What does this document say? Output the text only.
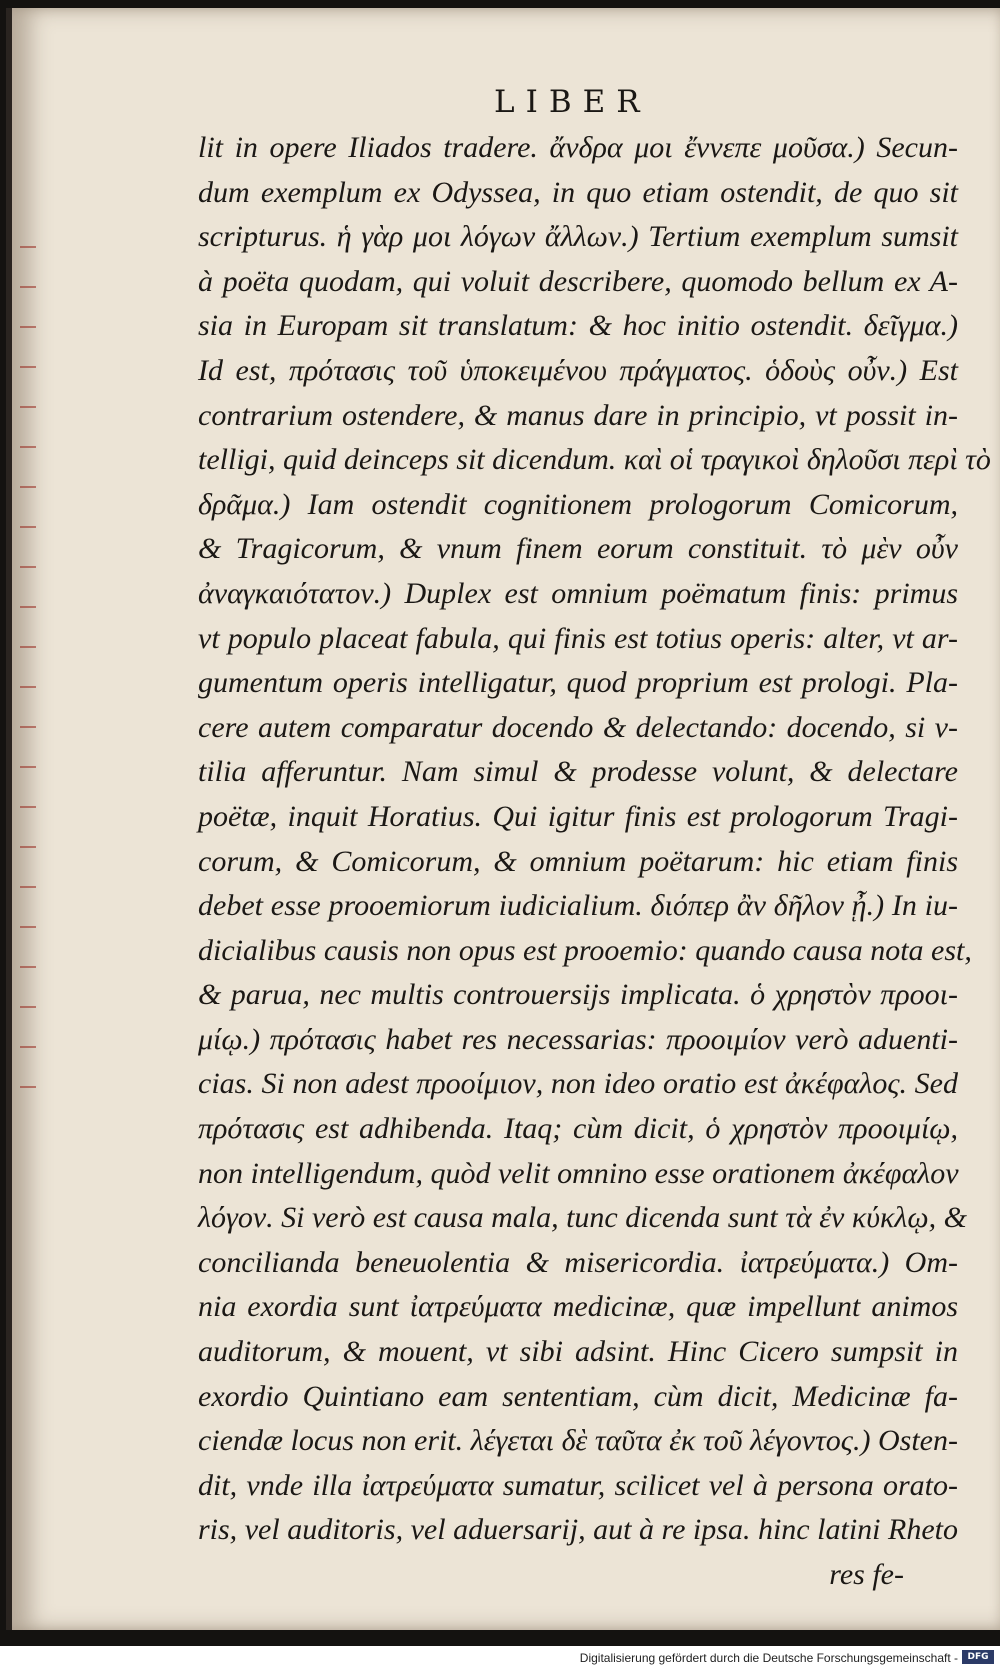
LIBER
lit in opere Iliados tradere. ἄνδρα μοι ἔννεπε μοῦσα.) Secun-
dum exemplum ex Odyssea, in quo etiam ostendit, de quo sit
scripturus. ἡ γὰρ μοι λόγων ἄλλων.) Tertium exemplum sumsit
à poëta quodam, qui voluit describere, quomodo bellum ex A-
sia in Europam sit translatum: & hoc initio ostendit. δεῖγμα.)
Id est, πρότασις τοῦ ὑποκειμένου πράγματος. ὁδοὺς οὖν.) Est
contrarium ostendere, & manus dare in principio, vt possit in-
telligi, quid deinceps sit dicendum. καὶ οἱ τραγικοὶ δηλοῦσι περὶ τὸ
δρᾶμα.) Iam ostendit cognitionem prologorum Comicorum,
& Tragicorum, & vnum finem eorum constituit. τὸ μὲν οὖν
ἀναγκαιότατον.) Duplex est omnium poëmatum finis: primus
vt populo placeat fabula, qui finis est totius operis: alter, vt ar-
gumentum operis intelligatur, quod proprium est prologi. Pla-
cere autem comparatur docendo & delectando: docendo, si v-
tilia afferuntur. Nam simul & prodesse volunt, & delectare
poëtæ, inquit Horatius. Qui igitur finis est prologorum Tragi-
corum, & Comicorum, & omnium poëtarum: hic etiam finis
debet esse prooemiorum iudicialium. διόπερ ἂν δῆλον ᾖ.) In iu-
dicialibus causis non opus est prooemio: quando causa nota est,
& parua, nec multis controuersijs implicata. ὁ χρηστὸν προοι-
μίῳ.) πρότασις habet res necessarias: προοιμίον verò aduenti-
cias. Si non adest προοίμιον, non ideo oratio est ἀκέφαλος. Sed
πρότασις est adhibenda. Itaq; cùm dicit, ὁ χρηστὸν προοιμίῳ,
non intelligendum, quòd velit omnino esse orationem ἀκέφαλον
λόγον. Si verò est causa mala, tunc dicenda sunt τὰ ἐν κύκλῳ, &
concilianda beneuolentia & misericordia. ἰατρεύματα.) Om-
nia exordia sunt ἰατρεύματα medicinæ, quæ impellunt animos
auditorum, & mouent, vt sibi adsint. Hinc Cicero sumpsit in
exordio Quintiano eam sententiam, cùm dicit, Medicinæ fa-
ciendæ locus non erit. λέγεται δὲ ταῦτα ἐκ τοῦ λέγοντος.) Osten-
dit, vnde illa ἰατρεύματα sumatur, scilicet vel à persona orato-
ris, vel auditoris, vel aduersarij, aut à re ipsa. hinc latini Rheto
res fe-
Digitalisierung gefördert durch die Deutsche Forschungsgemeinschaft -	DFG
